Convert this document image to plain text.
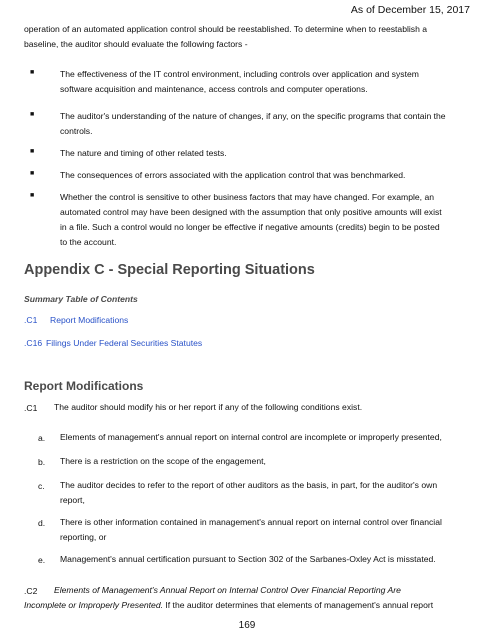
As of December 15, 2017
operation of an automated application control should be reestablished. To determine when to reestablish a
baseline, the auditor should evaluate the following factors -
■	The effectiveness of the IT control environment, including controls over application and system
software acquisition and maintenance, access controls and computer operations.
■	The auditor's understanding of the nature of changes, if any, on the specific programs that contain the
controls.
■	The nature and timing of other related tests.
■	The consequences of errors associated with the application control that was benchmarked.
■	Whether the control is sensitive to other business factors that may have changed. For example, an
automated control may have been designed with the assumption that only positive amounts will exist
in a file. Such a control would no longer be effective if negative amounts (credits) begin to be posted
to the account.
Appendix C - Special Reporting Situations
Summary Table of Contents
.C1 Report Modifications
.C16 Filings Under Federal Securities Statutes
Report Modifications
.C1 The auditor should modify his or her report if any of the following conditions exist.
a. Elements of management's annual report on internal control are incomplete or improperly presented,
b. There is a restriction on the scope of the engagement,
c. The auditor decides to refer to the report of other auditors as the basis, in part, for the auditor's own
report,
d. There is other information contained in management's annual report on internal control over financial
reporting, or
e. Management's annual certification pursuant to Section 302 of the Sarbanes-Oxley Act is misstated.
.C2 Elements of Management's Annual Report on Internal Control Over Financial Reporting Are
Incomplete or Improperly Presented. If the auditor determines that elements of management's annual report
169
